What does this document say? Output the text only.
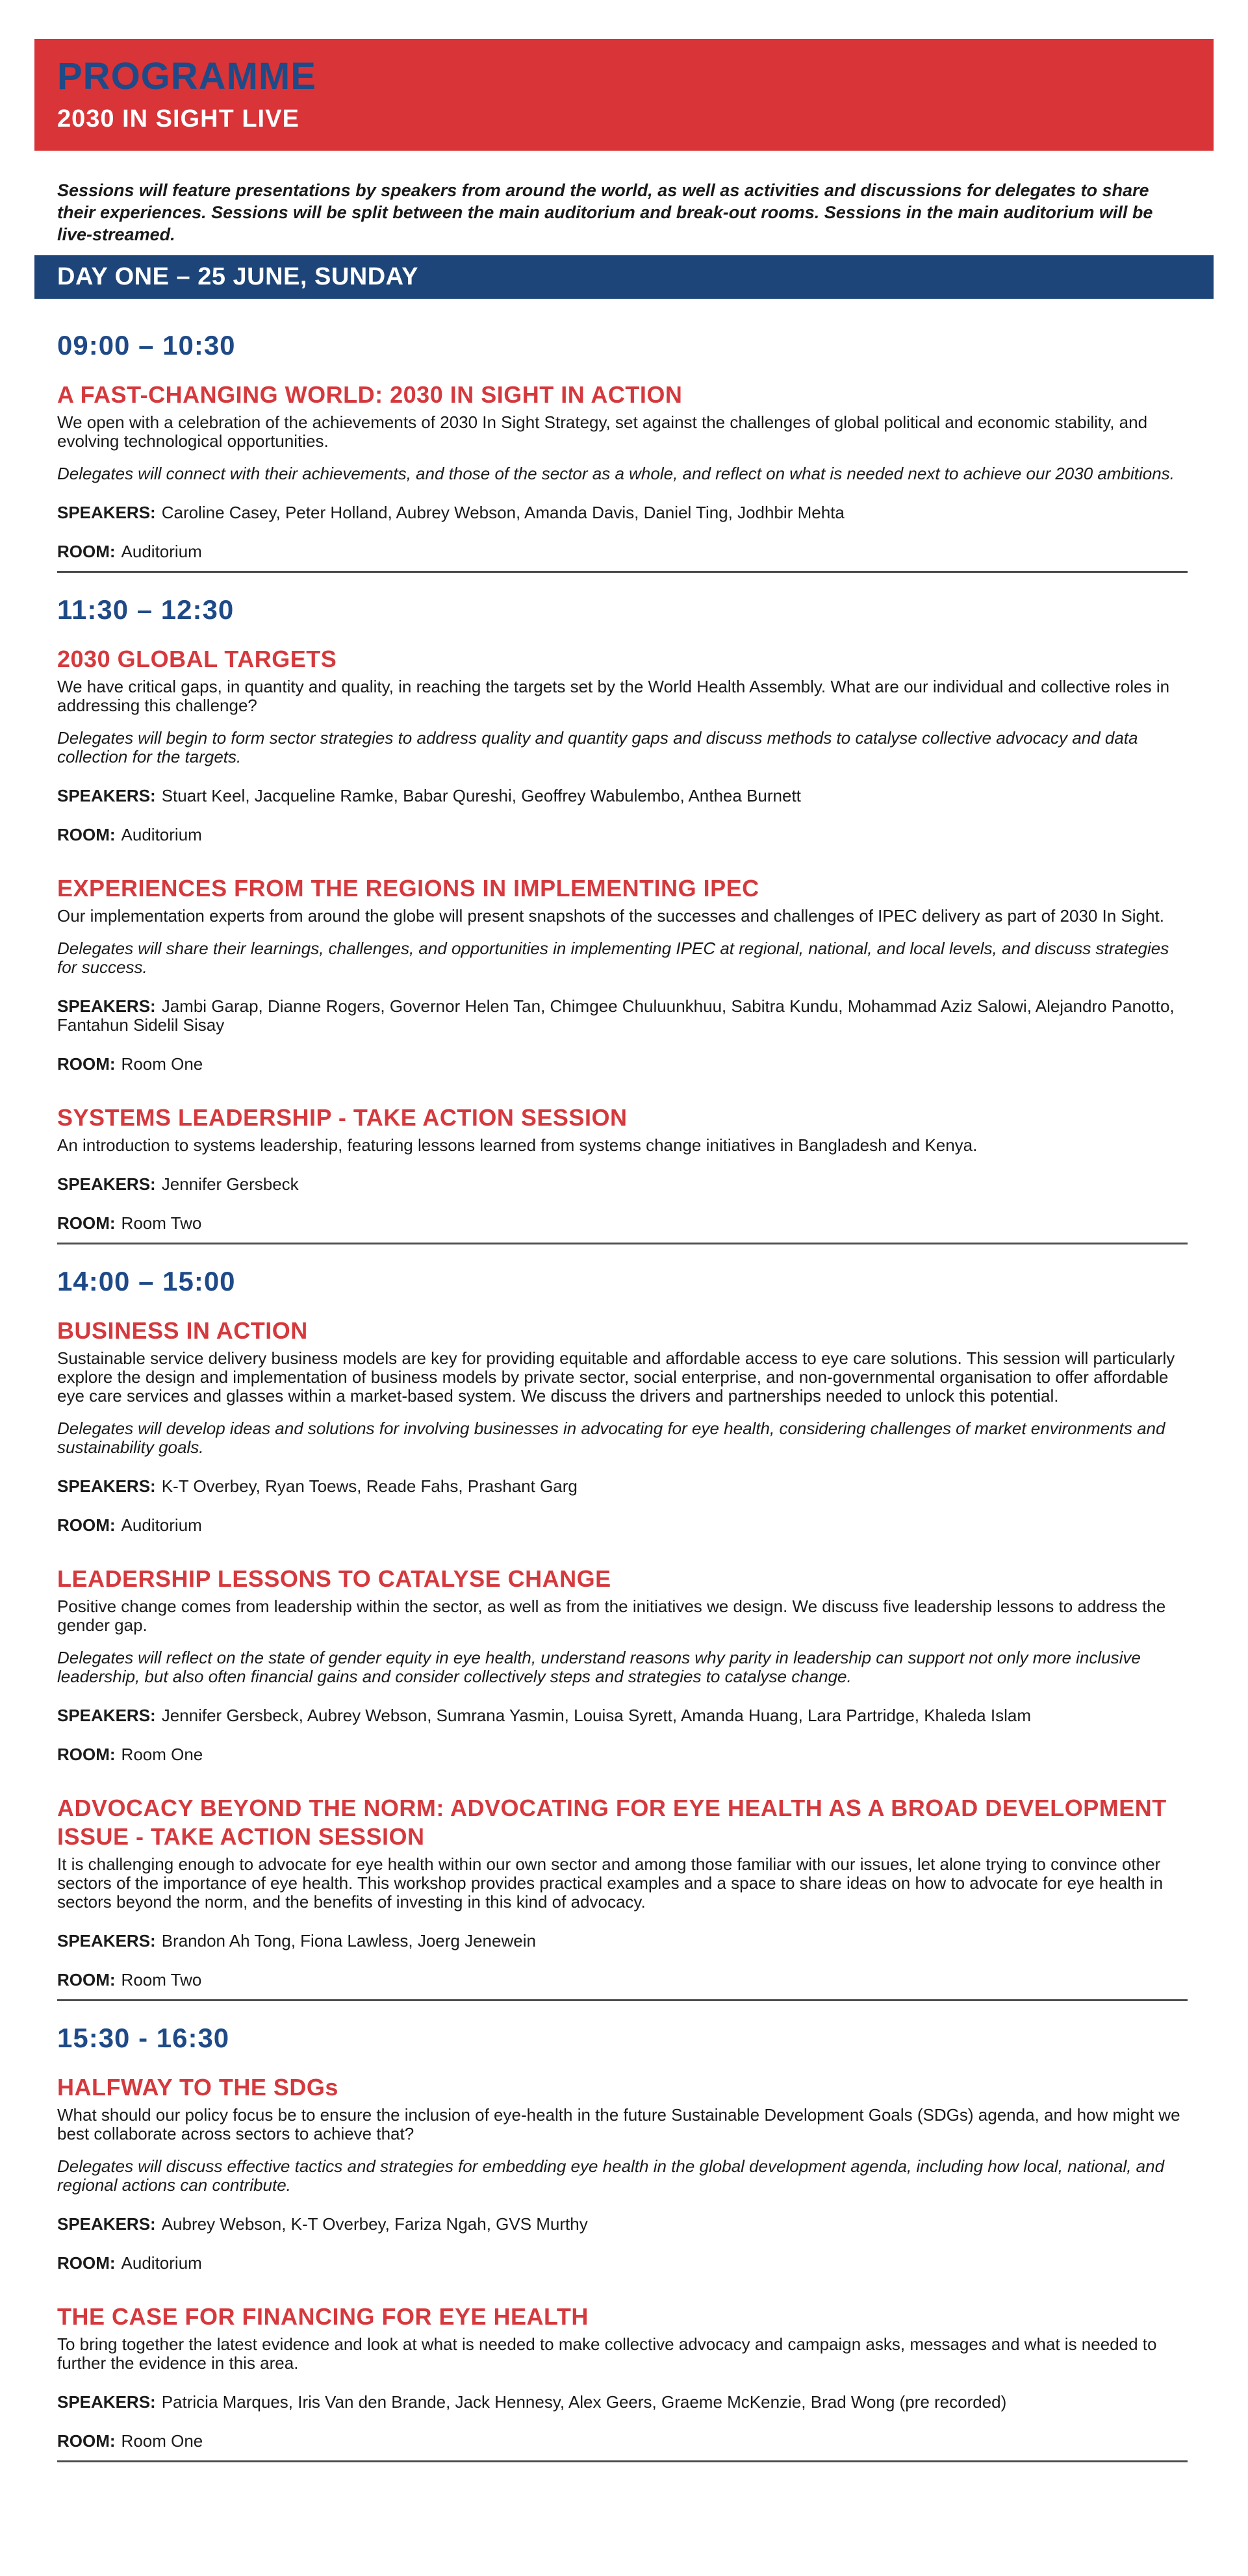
PROGRAMME
2030 IN SIGHT LIVE

Sessions will feature presentations by speakers from around the world, as well as activities and discussions for delegates to share their experiences. Sessions will be split between the main auditorium and break-out rooms. Sessions in the main auditorium will be live-streamed.

DAY ONE – 25 JUNE, SUNDAY
09:00 – 10:30
A FAST-CHANGING WORLD: 2030 IN SIGHT IN ACTION

We open with a celebration of the achievements of 2030 In Sight Strategy, set against the challenges of global political and economic stability, and evolving technological opportunities.

Delegates will connect with their achievements, and those of the sector as a whole, and reflect on what is needed next to achieve our 2030 ambitions.

SPEAKERS: Caroline Casey, Peter Holland, Aubrey Webson, Amanda Davis, Daniel Ting, Jodhbir Mehta

ROOM: Auditorium

11:30 – 12:30
2030 GLOBAL TARGETS

We have critical gaps, in quantity and quality, in reaching the targets set by the World Health Assembly. What are our individual and collective roles in addressing this challenge?

Delegates will begin to form sector strategies to address quality and quantity gaps and discuss methods to catalyse collective advocacy and data collection for the targets.

SPEAKERS: Stuart Keel, Jacqueline Ramke, Babar Qureshi, Geoffrey Wabulembo, Anthea Burnett

ROOM: Auditorium

EXPERIENCES FROM THE REGIONS IN IMPLEMENTING IPEC

Our implementation experts from around the globe will present snapshots of the successes and challenges of IPEC delivery as part of 2030 In Sight.

Delegates will share their learnings, challenges, and opportunities in implementing IPEC at regional, national, and local levels, and discuss strategies for success.

SPEAKERS: Jambi Garap, Dianne Rogers, Governor Helen Tan, Chimgee Chuluunkhuu, Sabitra Kundu, Mohammad Aziz Salowi, Alejandro Panotto, Fantahun Sidelil Sisay

ROOM: Room One

SYSTEMS LEADERSHIP - TAKE ACTION SESSION

An introduction to systems leadership, featuring lessons learned from systems change initiatives in Bangladesh and Kenya.

SPEAKERS: Jennifer Gersbeck

ROOM: Room Two

14:00 – 15:00
BUSINESS IN ACTION

Sustainable service delivery business models are key for providing equitable and affordable access to eye care solutions. This session will particularly explore the design and implementation of business models by private sector, social enterprise, and non-governmental organisation to offer affordable eye care services and glasses within a market-based system. We discuss the drivers and partnerships needed to unlock this potential.

Delegates will develop ideas and solutions for involving businesses in advocating for eye health, considering challenges of market environments and sustainability goals.

SPEAKERS: K-T Overbey, Ryan Toews, Reade Fahs, Prashant Garg

ROOM: Auditorium

LEADERSHIP LESSONS TO CATALYSE CHANGE

Positive change comes from leadership within the sector, as well as from the initiatives we design. We discuss five leadership lessons to address the gender gap.

Delegates will reflect on the state of gender equity in eye health, understand reasons why parity in leadership can support not only more inclusive leadership, but also often financial gains and consider collectively steps and strategies to catalyse change.

SPEAKERS: Jennifer Gersbeck, Aubrey Webson, Sumrana Yasmin, Louisa Syrett, Amanda Huang, Lara Partridge, Khaleda Islam

ROOM: Room One

ADVOCACY BEYOND THE NORM: ADVOCATING FOR EYE HEALTH AS A BROAD DEVELOPMENT ISSUE - TAKE ACTION SESSION

It is challenging enough to advocate for eye health within our own sector and among those familiar with our issues, let alone trying to convince other sectors of the importance of eye health. This workshop provides practical examples and a space to share ideas on how to advocate for eye health in sectors beyond the norm, and the benefits of investing in this kind of advocacy.

SPEAKERS: Brandon Ah Tong, Fiona Lawless, Joerg Jenewein

ROOM: Room Two

15:30 - 16:30
HALFWAY TO THE SDGs

What should our policy focus be to ensure the inclusion of eye-health in the future Sustainable Development Goals (SDGs) agenda, and how might we best collaborate across sectors to achieve that?

Delegates will discuss effective tactics and strategies for embedding eye health in the global development agenda, including how local, national, and regional actions can contribute.

SPEAKERS: Aubrey Webson, K-T Overbey, Fariza Ngah, GVS Murthy

ROOM: Auditorium

THE CASE FOR FINANCING FOR EYE HEALTH

To bring together the latest evidence and look at what is needed to make collective advocacy and campaign asks, messages and what is needed to further the evidence in this area.

SPEAKERS: Patricia Marques, Iris Van den Brande, Jack Hennesy, Alex Geers, Graeme McKenzie, Brad Wong (pre recorded)

ROOM: Room One
